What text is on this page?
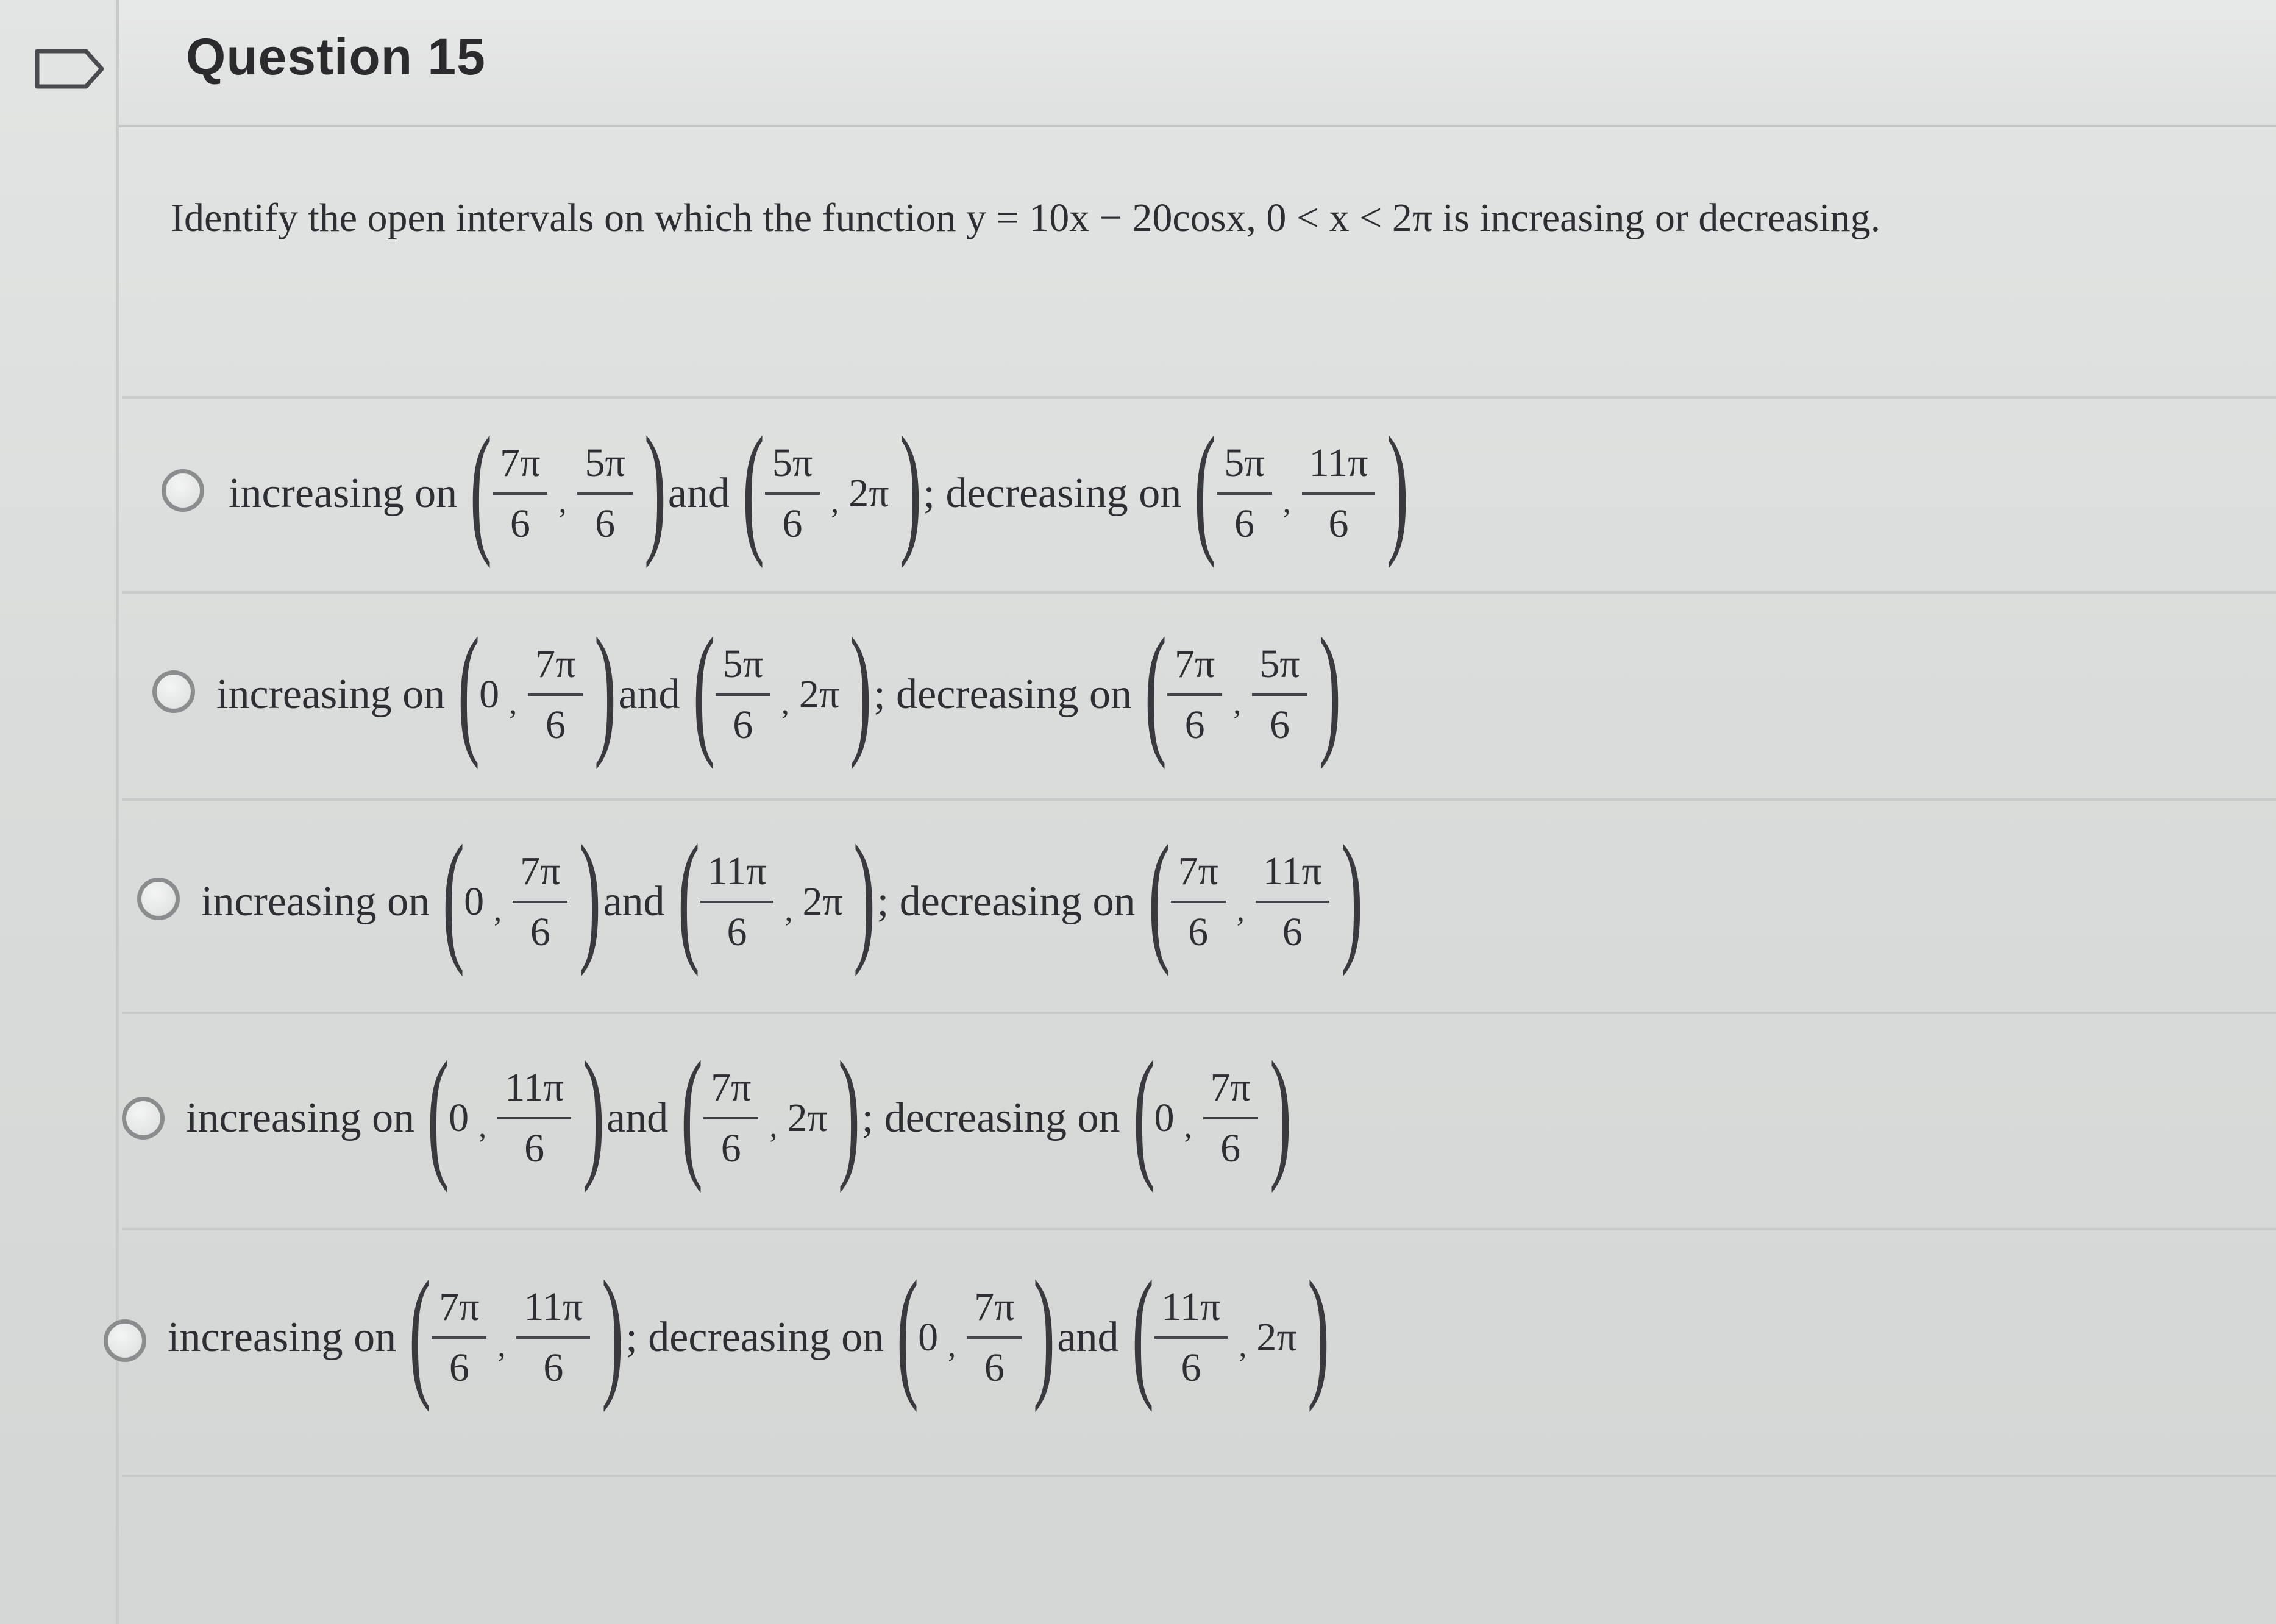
Question 15
Identify the open intervals on which the function y = 10x − 20cosx, 0 < x < 2π is increasing or decreasing.
increasing on ( $\frac{7\pi}{6}$ , $\frac{5\pi}{6}$ ) and ( $\frac{5\pi}{6}$ , 2π ) ; decreasing on ( $\frac{5\pi}{6}$ , $\frac{11\pi}{6}$ )
increasing on ( 0 , $\frac{7\pi}{6}$ ) and ( $\frac{5\pi}{6}$ , 2π ) ; decreasing on ( $\frac{7\pi}{6}$ , $\frac{5\pi}{6}$ )
increasing on ( 0 , $\frac{7\pi}{6}$ ) and ( $\frac{11\pi}{6}$ , 2π ) ; decreasing on ( $\frac{7\pi}{6}$ , $\frac{11\pi}{6}$ )
increasing on ( 0 , $\frac{11\pi}{6}$ ) and ( $\frac{7\pi}{6}$ , 2π ) ; decreasing on ( 0 , $\frac{7\pi}{6}$ )
increasing on ( $\frac{7\pi}{6}$ , $\frac{11\pi}{6}$ ) ; decreasing on ( 0 , $\frac{7\pi}{6}$ ) and ( $\frac{11\pi}{6}$ , 2π )
